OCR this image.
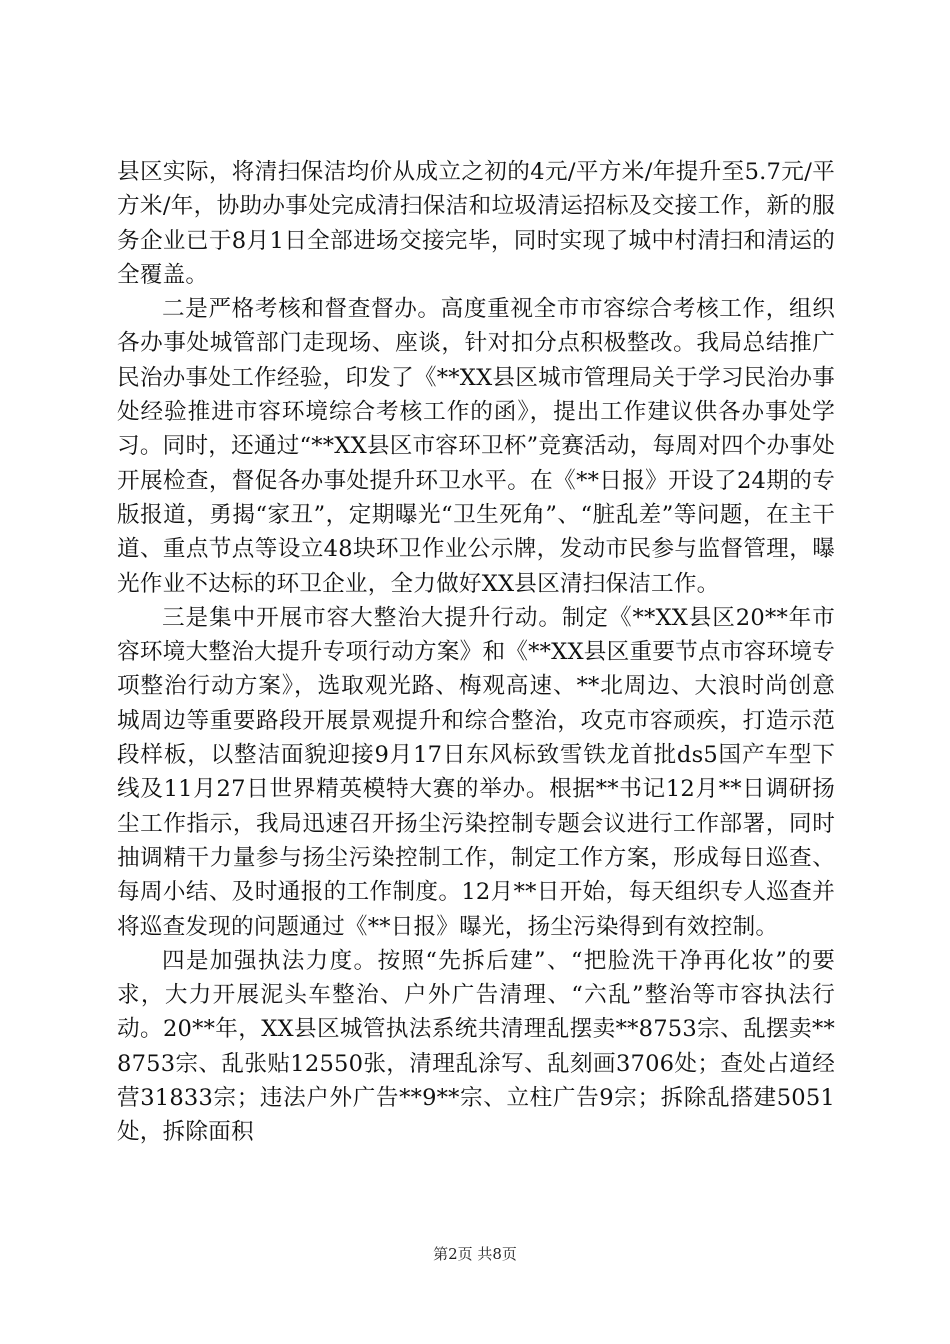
县区实际，将清扫保洁均价从成立之初的4元/平方米/年提升至5.7元/平方米/年，协助办事处完成清扫保洁和垃圾清运招标及交接工作，新的服务企业已于8月1日全部进场交接完毕，同时实现了城中村清扫和清运的全覆盖。

二是严格考核和督查督办。高度重视全市市容综合考核工作，组织各办事处城管部门走现场、座谈，针对扣分点积极整改。我局总结推广民治办事处工作经验，印发了《**XX县区城市管理局关于学习民治办事处经验推进市容环境综合考核工作的函》，提出工作建议供各办事处学习。同时，还通过“**XX县区市容环卫杯”竞赛活动，每周对四个办事处开展检查，督促各办事处提升环卫水平。在《**日报》开设了24期的专版报道，勇揭“家丑”，定期曝光“卫生死角”、“脏乱差”等问题，在主干道、重点节点等设立48块环卫作业公示牌，发动市民参与监督管理，曝光作业不达标的环卫企业，全力做好XX县区清扫保洁工作。

三是集中开展市容大整治大提升行动。制定《**XX县区20**年市容环境大整治大提升专项行动方案》和《**XX县区重要节点市容环境专项整治行动方案》，选取观光路、梅观高速、**北周边、大浪时尚创意城周边等重要路段开展景观提升和综合整治，攻克市容顽疾，打造示范段样板，以整洁面貌迎接9月17日东风标致雪铁龙首批ds5国产车型下线及11月27日世界精英模特大赛的举办。根据**书记12月**日调研扬尘工作指示，我局迅速召开扬尘污染控制专题会议进行工作部署，同时抽调精干力量参与扬尘污染控制工作，制定工作方案，形成每日巡查、每周小结、及时通报的工作制度。12月**日开始，每天组织专人巡查并将巡查发现的问题通过《**日报》曝光，扬尘污染得到有效控制。

四是加强执法力度。按照“先拆后建”、“把脸洗干净再化妆”的要求，大力开展泥头车整治、户外广告清理、“六乱”整治等市容执法行动。20**年，XX县区城管执法系统共清理乱摆卖**8753宗、乱摆卖**8753宗、乱张贴12550张，清理乱涂写、乱刻画3706处；查处占道经营31833宗；违法户外广告**9**宗、立柱广告9宗；拆除乱搭建5051处，拆除面积

第2页 共8页
